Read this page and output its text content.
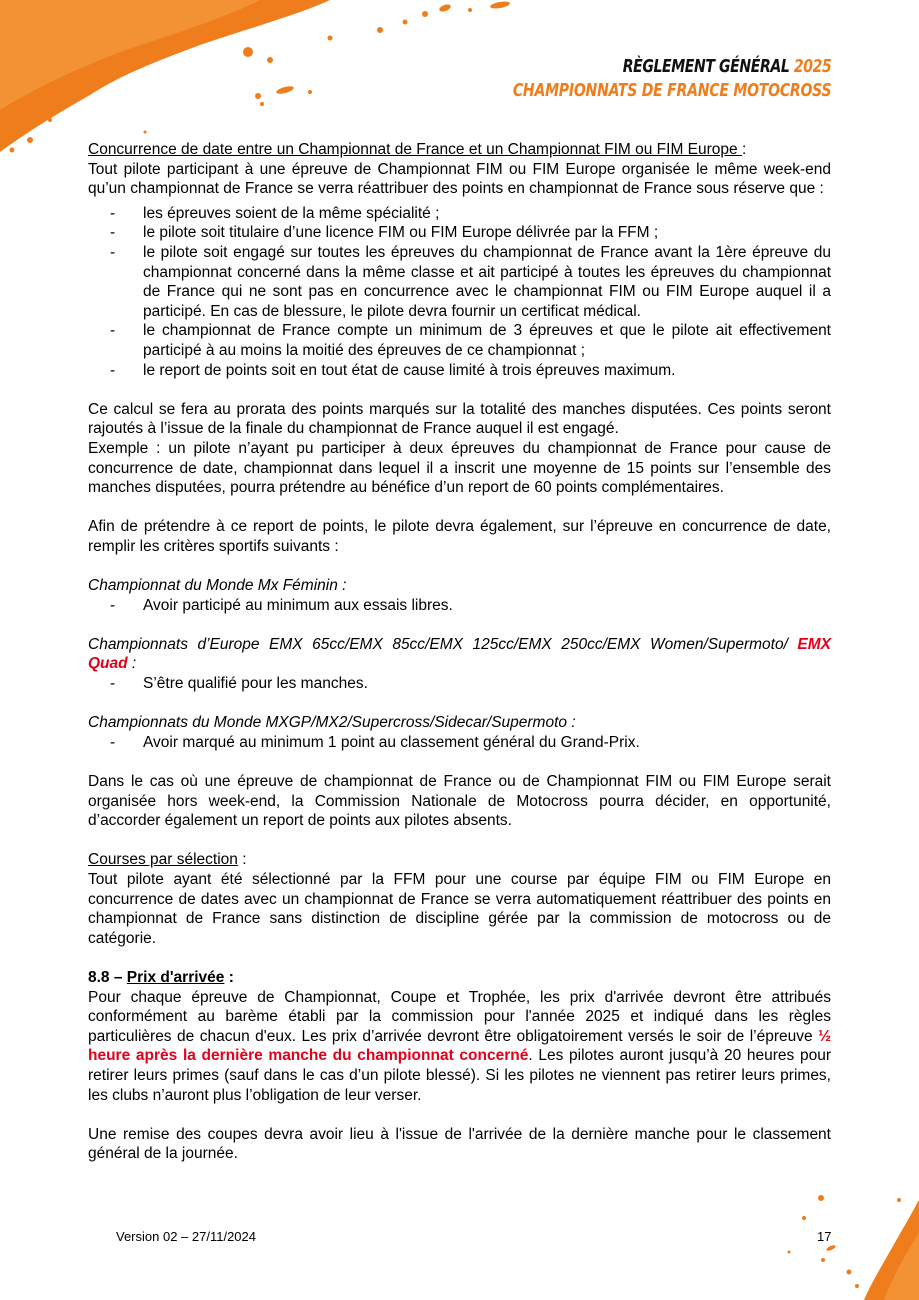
RÈGLEMENT GÉNÉRAL 2025
CHAMPIONNATS DE FRANCE MOTOCROSS

Concurrence de date entre un Championnat de France et un Championnat FIM ou FIM Europe :

Tout pilote participant à une épreuve de Championnat FIM ou FIM Europe organisée le même week-end qu’un championnat de France se verra réattribuer des points en championnat de France sous réserve que :

- les épreuves soient de la même spécialité ;
- le pilote soit titulaire d’une licence FIM ou FIM Europe délivrée par la FFM ;
- le pilote soit engagé sur toutes les épreuves du championnat de France avant la 1ère épreuve du championnat concerné dans la même classe et ait participé à toutes les épreuves du championnat de France qui ne sont pas en concurrence avec le championnat FIM ou FIM Europe auquel il a participé. En cas de blessure, le pilote devra fournir un certificat médical.
- le championnat de France compte un minimum de 3 épreuves et que le pilote ait effectivement participé à au moins la moitié des épreuves de ce championnat ;
- le report de points soit en tout état de cause limité à trois épreuves maximum.

Ce calcul se fera au prorata des points marqués sur la totalité des manches disputées. Ces points seront rajoutés à l’issue de la finale du championnat de France auquel il est engagé.

Exemple : un pilote n’ayant pu participer à deux épreuves du championnat de France pour cause de concurrence de date, championnat dans lequel il a inscrit une moyenne de 15 points sur l’ensemble des manches disputées, pourra prétendre au bénéfice d’un report de 60 points complémentaires.

Afin de prétendre à ce report de points, le pilote devra également, sur l’épreuve en concurrence de date, remplir les critères sportifs suivants :

Championnat du Monde Mx Féminin :

- Avoir participé au minimum aux essais libres.

Championnats d’Europe EMX 65cc/EMX 85cc/EMX 125cc/EMX 250cc/EMX Women/Supermoto/ EMX Quad :

- S’être qualifié pour les manches.

Championnats du Monde MXGP/MX2/Supercross/Sidecar/Supermoto :

- Avoir marqué au minimum 1 point au classement général du Grand-Prix.

Dans le cas où une épreuve de championnat de France ou de Championnat FIM ou FIM Europe serait organisée hors week-end, la Commission Nationale de Motocross pourra décider, en opportunité, d’accorder également un report de points aux pilotes absents.

Courses par sélection :

Tout pilote ayant été sélectionné par la FFM pour une course par équipe FIM ou FIM Europe en concurrence de dates avec un championnat de France se verra automatiquement réattribuer des points en championnat de France sans distinction de discipline gérée par la commission de motocross ou de catégorie.

8.8 – Prix d'arrivée :

Pour chaque épreuve de Championnat, Coupe et Trophée, les prix d'arrivée devront être attribués conformément au barème établi par la commission pour l'année 2025 et indiqué dans les règles particulières de chacun d'eux. Les prix d’arrivée devront être obligatoirement versés le soir de l’épreuve ½ heure après la dernière manche du championnat concerné. Les pilotes auront jusqu’à 20 heures pour retirer leurs primes (sauf dans le cas d’un pilote blessé). Si les pilotes ne viennent pas retirer leurs primes, les clubs n’auront plus l’obligation de leur verser.

Une remise des coupes devra avoir lieu à l'issue de l'arrivée de la dernière manche pour le classement général de la journée.

Version 02 – 27/11/2024	17
